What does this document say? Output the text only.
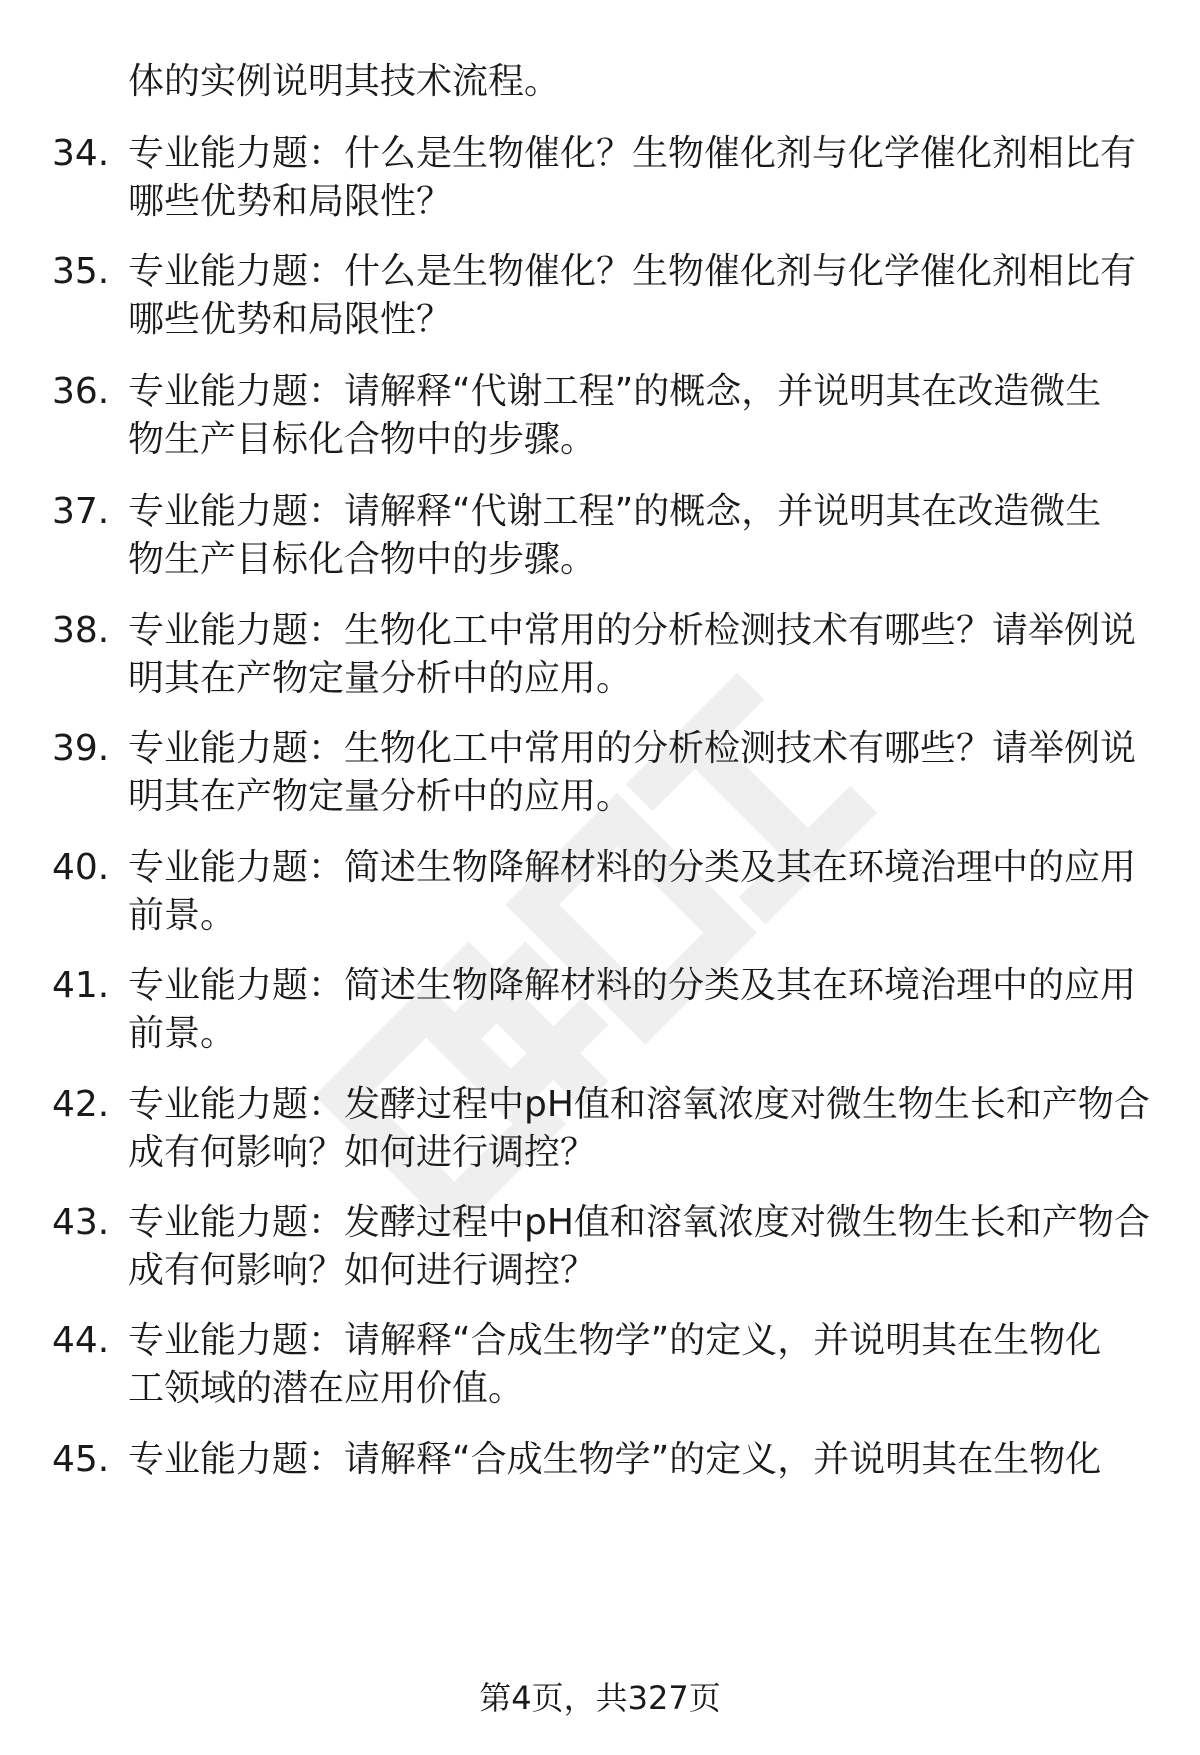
体的实例说明其技术流程。
34. 专业能力题：什么是生物催化？生物催化剂与化学催化剂相比有
哪些优势和局限性？
35. 专业能力题：什么是生物催化？生物催化剂与化学催化剂相比有
哪些优势和局限性？
36. 专业能力题：请解释“代谢工程”的概念，并说明其在改造微生
物生产目标化合物中的步骤。
37. 专业能力题：请解释“代谢工程”的概念，并说明其在改造微生
物生产目标化合物中的步骤。
38. 专业能力题：生物化工中常用的分析检测技术有哪些？请举例说
明其在产物定量分析中的应用。
39. 专业能力题：生物化工中常用的分析检测技术有哪些？请举例说
明其在产物定量分析中的应用。
40. 专业能力题：简述生物降解材料的分类及其在环境治理中的应用
前景。
41. 专业能力题：简述生物降解材料的分类及其在环境治理中的应用
前景。
42. 专业能力题：发酵过程中pH值和溶氧浓度对微生物生长和产物合
成有何影响？如何进行调控？
43. 专业能力题：发酵过程中pH值和溶氧浓度对微生物生长和产物合
成有何影响？如何进行调控？
44. 专业能力题：请解释“合成生物学”的定义，并说明其在生物化
工领域的潜在应用价值。
45. 专业能力题：请解释“合成生物学”的定义，并说明其在生物化
第4页，共327页
